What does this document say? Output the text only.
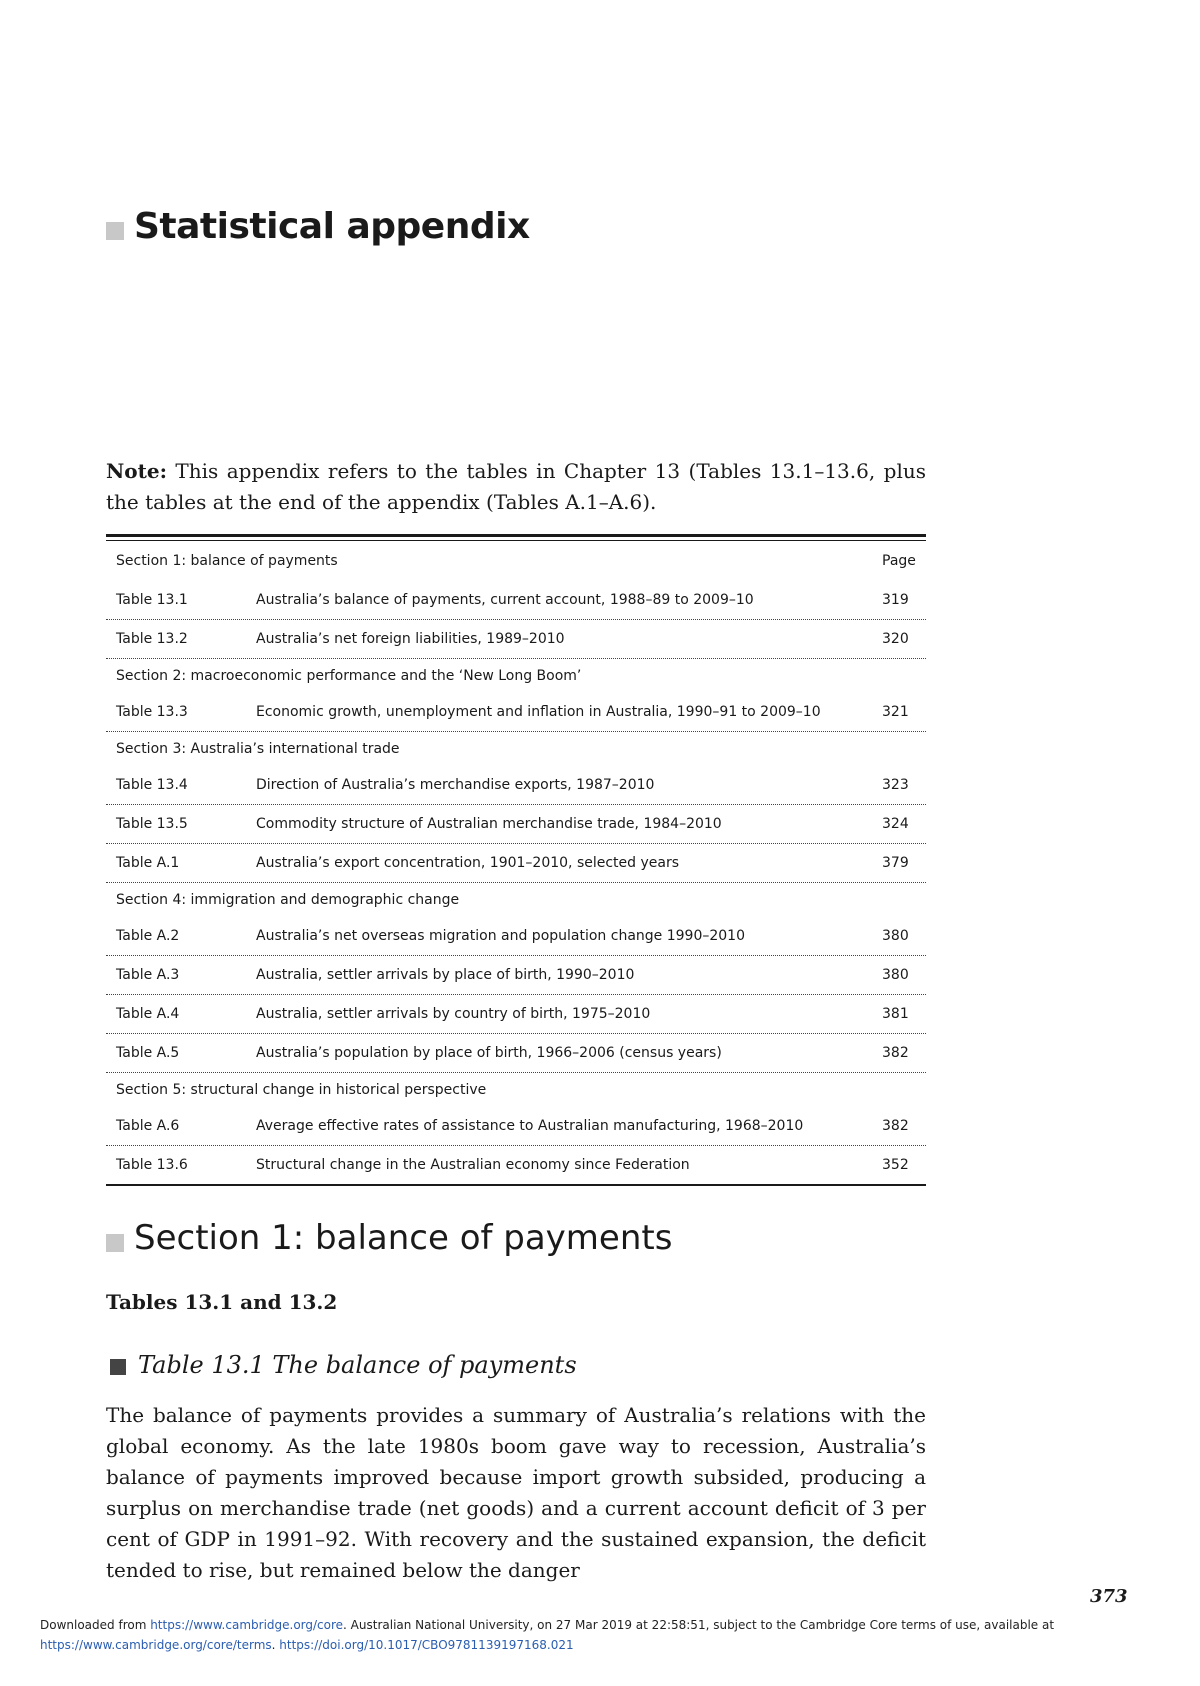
Statistical appendix
Note: This appendix refers to the tables in Chapter 13 (Tables 13.1–13.6, plus the tables at the end of the appendix (Tables A.1–A.6).
Section 1: balance of payments	Page
Table 13.1	Australia’s balance of payments, current account, 1988–89 to 2009–10	319
Table 13.2	Australia’s net foreign liabilities, 1989–2010	320
Section 2: macroeconomic performance and the ‘New Long Boom’
Table 13.3	Economic growth, unemployment and inflation in Australia, 1990–91 to 2009–10	321
Section 3: Australia’s international trade
Table 13.4	Direction of Australia’s merchandise exports, 1987–2010	323
Table 13.5	Commodity structure of Australian merchandise trade, 1984–2010	324
Table A.1	Australia’s export concentration, 1901–2010, selected years	379
Section 4: immigration and demographic change
Table A.2	Australia’s net overseas migration and population change 1990–2010	380
Table A.3	Australia, settler arrivals by place of birth, 1990–2010	380
Table A.4	Australia, settler arrivals by country of birth, 1975–2010	381
Table A.5	Australia’s population by place of birth, 1966–2006 (census years)	382
Section 5: structural change in historical perspective
Table A.6	Average effective rates of assistance to Australian manufacturing, 1968–2010	382
Table 13.6	Structural change in the Australian economy since Federation	352
Section 1: balance of payments
Tables 13.1 and 13.2
Table 13.1 The balance of payments
The balance of payments provides a summary of Australia’s relations with the global economy. As the late 1980s boom gave way to recession, Australia’s balance of payments improved because import growth subsided, producing a surplus on merchandise trade (net goods) and a current account deficit of 3 per cent of GDP in 1991–92. With recovery and the sustained expansion, the deficit tended to rise, but remained below the danger
373
Downloaded from https://www.cambridge.org/core. Australian National University, on 27 Mar 2019 at 22:58:51, subject to the Cambridge Core terms of use, available at
https://www.cambridge.org/core/terms. https://doi.org/10.1017/CBO9781139197168.021
